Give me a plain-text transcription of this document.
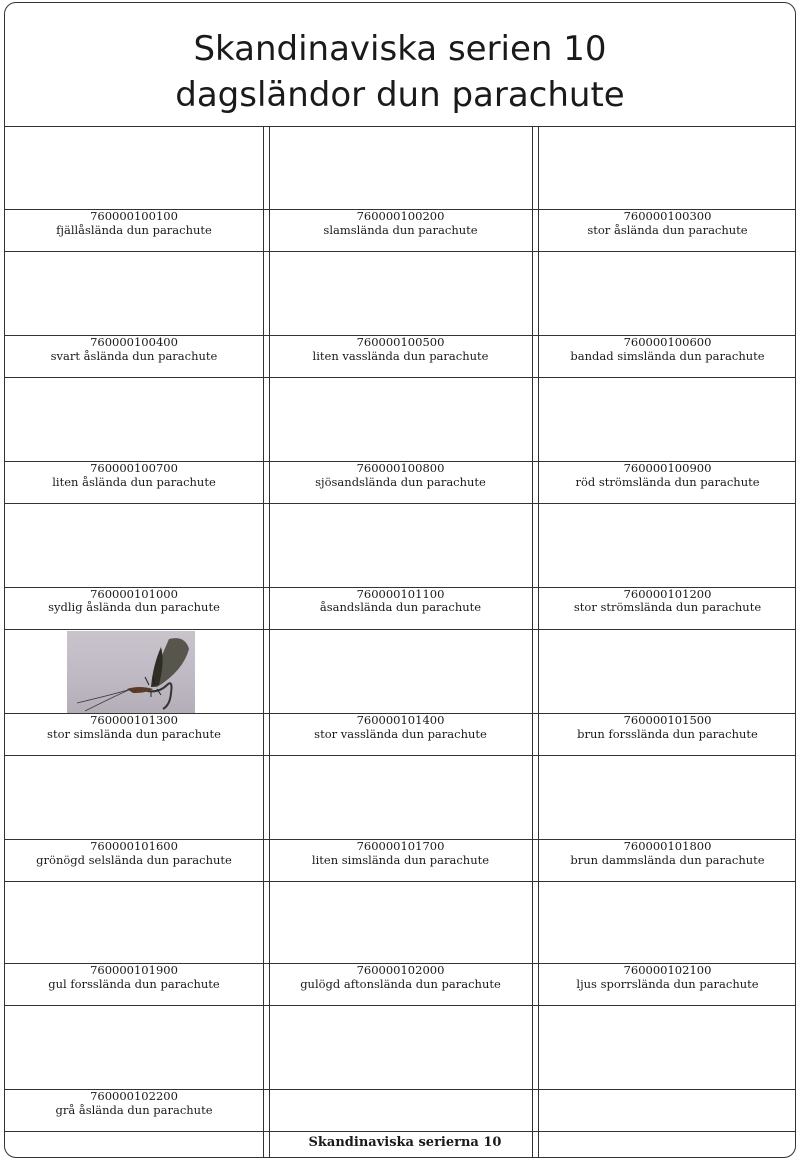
Skandinaviska serien 10
dagsländor dun parachute
760000100100
fjällåslända dun parachute
760000100200
slamslända dun parachute
760000100300
stor åslända dun parachute
760000100400
svart åslända dun parachute
760000100500
liten vasslända dun parachute
760000100600
bandad simslända dun parachute
760000100700
liten åslända dun parachute
760000100800
sjösandslända dun parachute
760000100900
röd strömslända dun parachute
760000101000
sydlig åslända dun parachute
760000101100
åsandslända dun parachute
760000101200
stor strömslända dun parachute
760000101300
stor simslända dun parachute
760000101400
stor vasslända dun parachute
760000101500
brun forsslända dun parachute
760000101600
grönögd selslända dun parachute
760000101700
liten simslända dun parachute
760000101800
brun dammslända dun parachute
760000101900
gul forsslända dun parachute
760000102000
gulögd aftonslända dun parachute
760000102100
ljus sporrslända dun parachute
760000102200
grå åslända dun parachute
Skandinaviska serierna 10
